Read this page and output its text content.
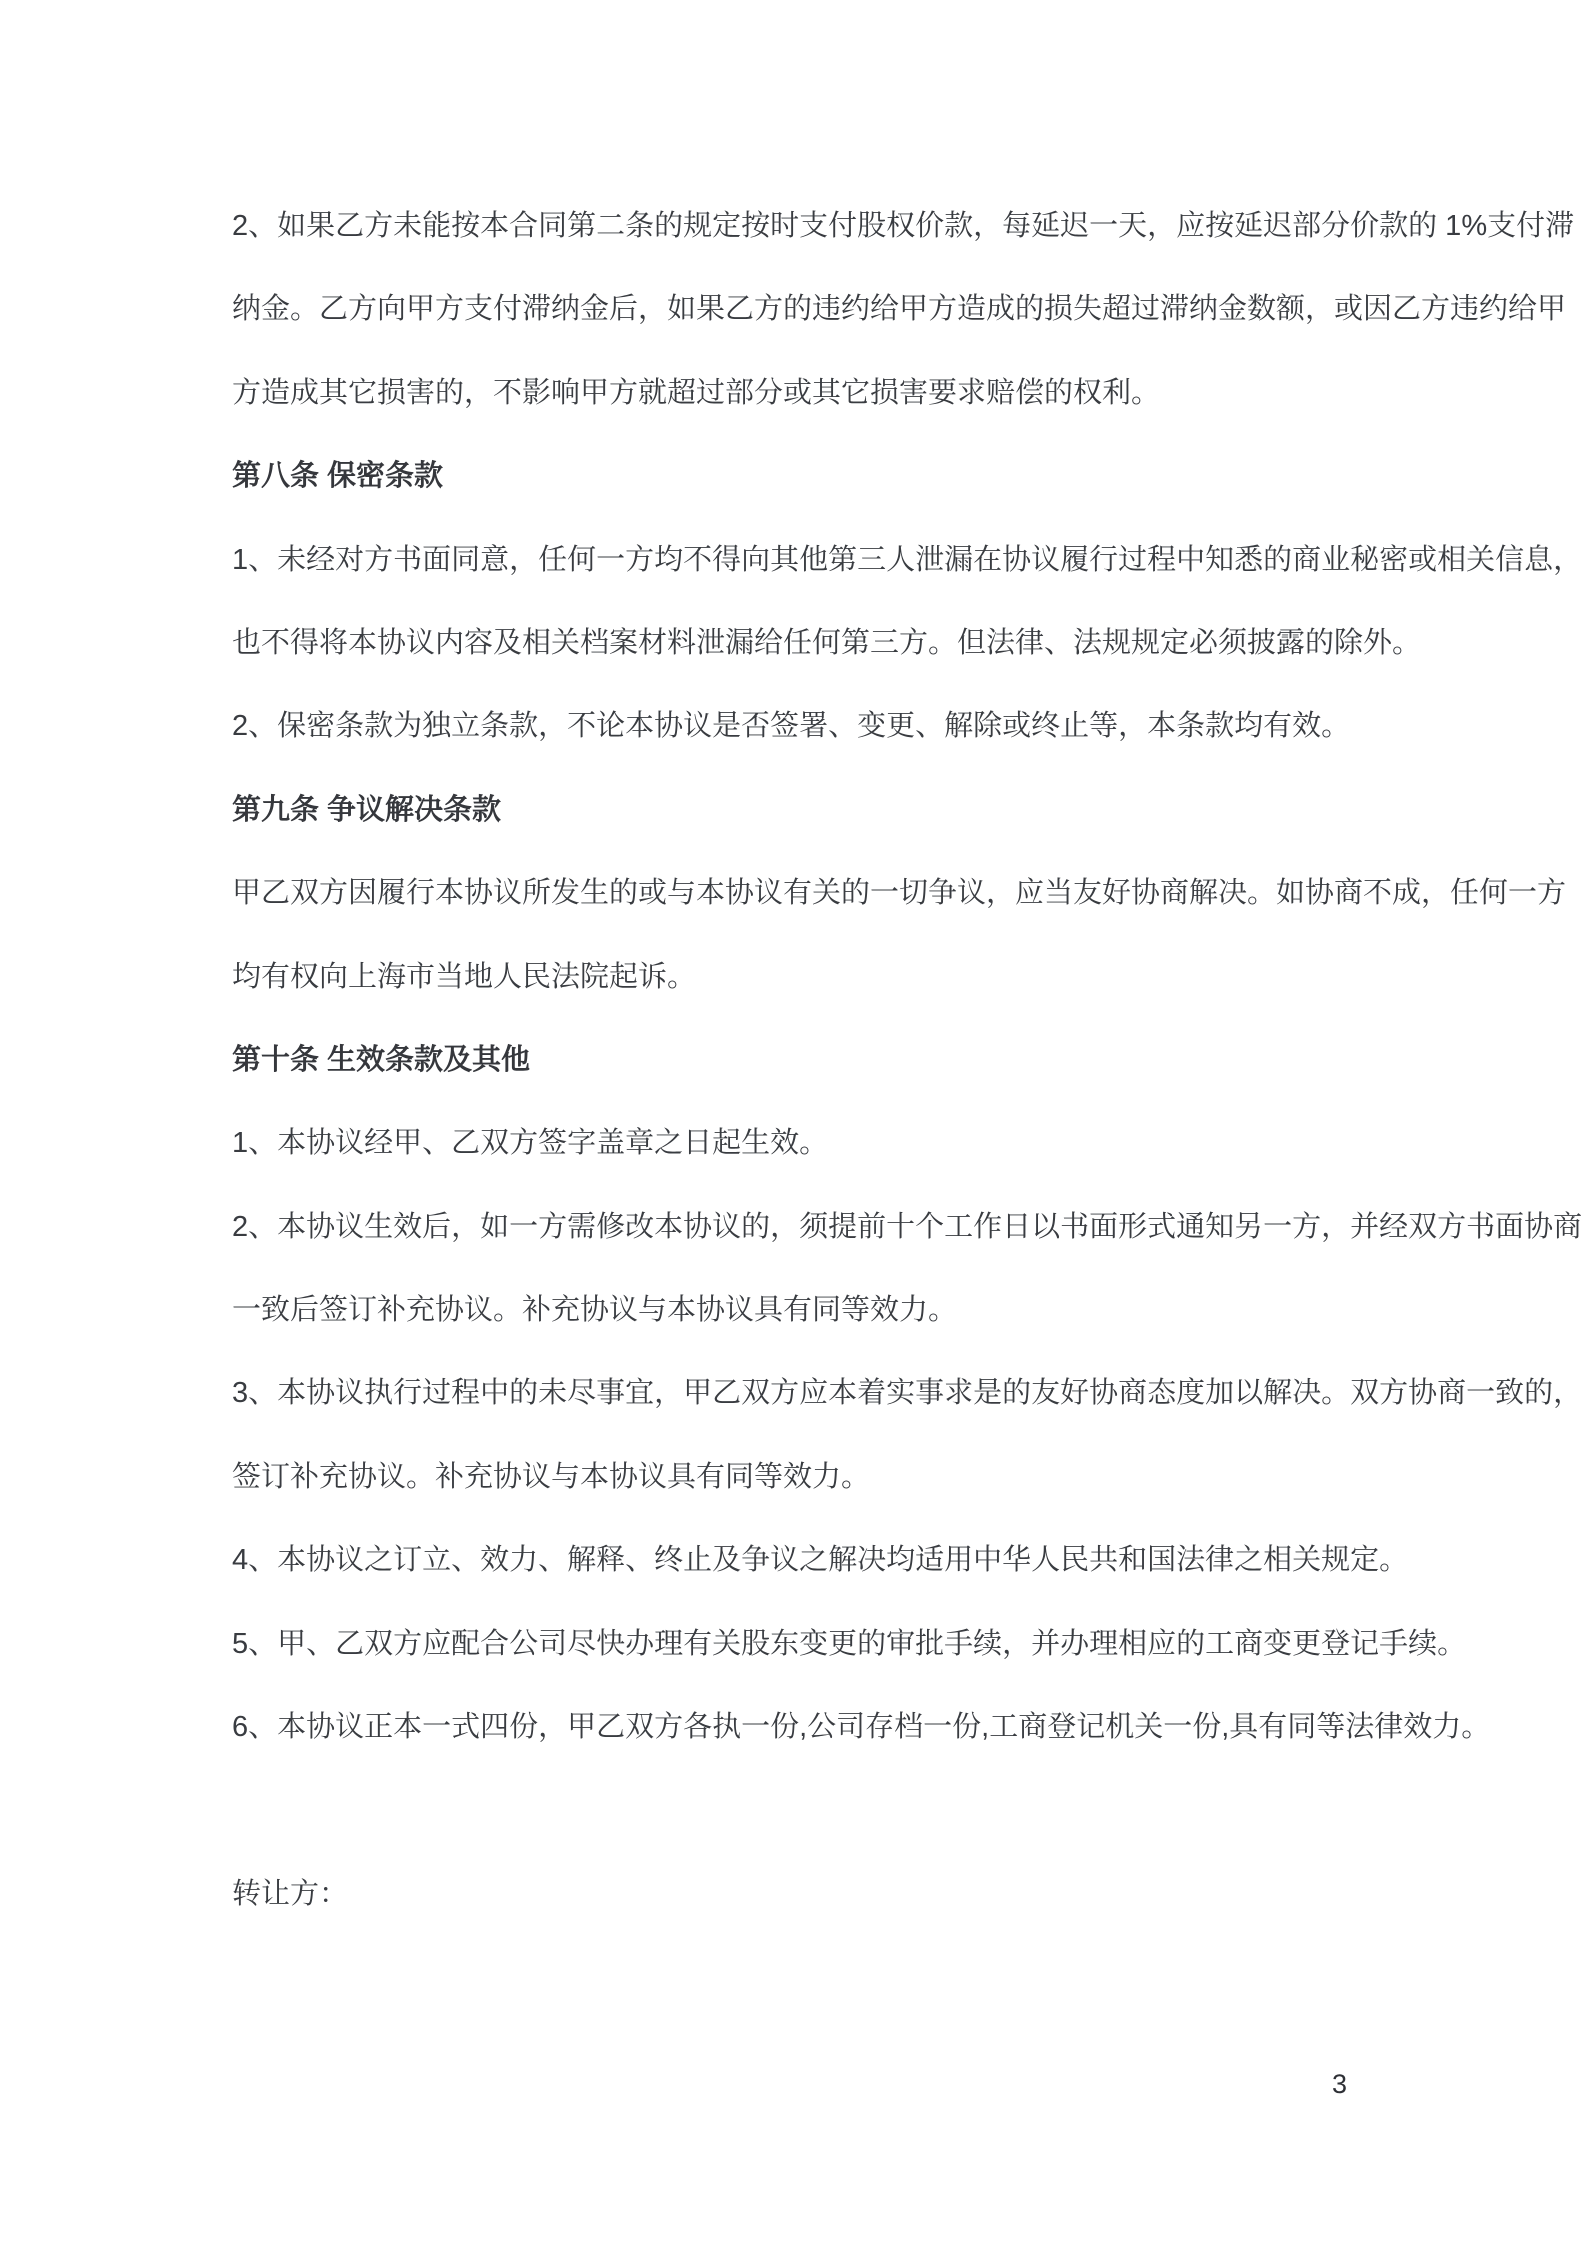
2、如果乙方未能按本合同第二条的规定按时支付股权价款，每延迟一天，应按延迟部分价款的 1%支付滞

纳金。乙方向甲方支付滞纳金后，如果乙方的违约给甲方造成的损失超过滞纳金数额，或因乙方违约给甲

方造成其它损害的，不影响甲方就超过部分或其它损害要求赔偿的权利。

第八条 保密条款

1、未经对方书面同意，任何一方均不得向其他第三人泄漏在协议履行过程中知悉的商业秘密或相关信息，

也不得将本协议内容及相关档案材料泄漏给任何第三方。但法律、法规规定必须披露的除外。

2、保密条款为独立条款，不论本协议是否签署、变更、解除或终止等，本条款均有效。

第九条 争议解决条款

甲乙双方因履行本协议所发生的或与本协议有关的一切争议，应当友好协商解决。如协商不成，任何一方

均有权向上海市当地人民法院起诉。

第十条 生效条款及其他

1、本协议经甲、乙双方签字盖章之日起生效。

2、本协议生效后，如一方需修改本协议的，须提前十个工作日以书面形式通知另一方，并经双方书面协商

一致后签订补充协议。补充协议与本协议具有同等效力。

3、本协议执行过程中的未尽事宜，甲乙双方应本着实事求是的友好协商态度加以解决。双方协商一致的，

签订补充协议。补充协议与本协议具有同等效力。

4、本协议之订立、效力、解释、终止及争议之解决均适用中华人民共和国法律之相关规定。

5、甲、乙双方应配合公司尽快办理有关股东变更的审批手续，并办理相应的工商变更登记手续。

6、本协议正本一式四份，甲乙双方各执一份,公司存档一份,工商登记机关一份,具有同等法律效力。

转让方：

3
